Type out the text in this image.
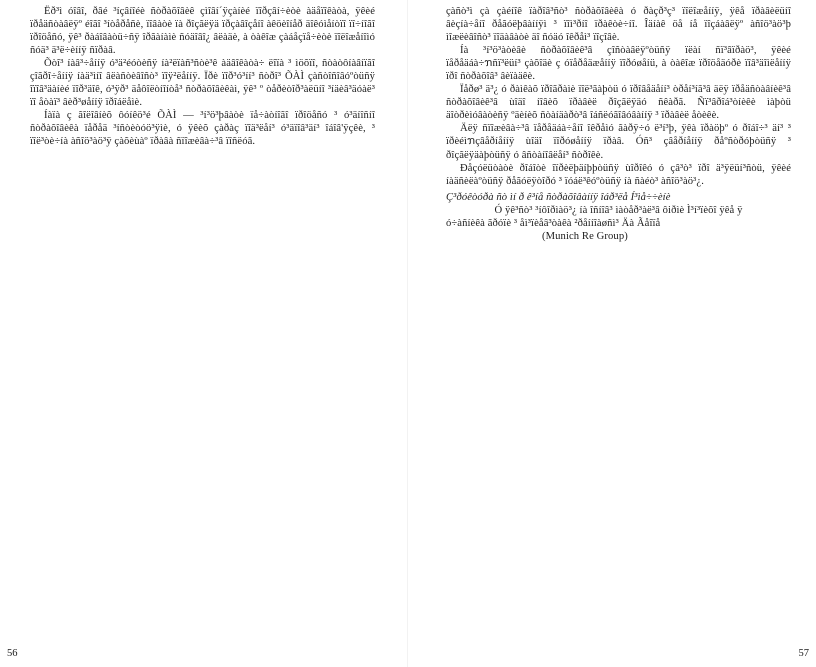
Ëð³ì óîâî, ðâé ³íçâíîéè ñòðàõîâèê çìîâí´ÿçàíèé ïîðçâí÷èòè àäåïîêàòà, ÿêèé ïðåäñòàâëÿº éîãî ³íòåðåñè, ïîâàòè ïà ðîçãëÿä ïðçàâîçåíî àêöèîíåð äîêóìåíòïî ïî÷íîãî ïðîöåñó, ÿê³ ðàáîâàòü÷ñÿ îðãàíàìè ñóäîâî¿ âëàäè, à òàêîæ çàáåçïå÷èòè ïîëîæåíîìó ñóä³ ä³ë÷èííÿ ñïðàâ.

Õòî³ íàâ³÷åííÿ ó³ä²éóòèñÿ íà²ëïàñ³ñòè³ê àäâîêàòà÷ ëîïà ³ ìöõïî, ñòàòôíàâíïãî çîãðî÷åííÿ íàä³ìíî âëàñòèâîñò³ ïîÿ²ëåííÿ. Ïðè ïîð³ó³íí³ ñòðî³ ÕÀÌ çàñòîñîâóºòüñÿ îïîâ³äàíèé ïîð³äîê, ó³ÿð³ äåôîëòíîíòå³ ñòðàõîâèêàì, ÿê³ º òåðèòîð³àëüíî ³íäèâ³äóàë³ ïî åòàï³ âèð³øåííÿ ïðîáëåìè.

Íàïà ç ãîëîâíèõ ôóíêö³é ÕÀÌ — ³í³ö³þâàòè ïå÷àòíîãî ïðîöåñó ³ ó³äíîñíî ñòðàõîâèêà ïåðåä ³íñòèòóö³ÿìè, ó ÿêèõ çàðàç ïîä³ëåí³ ó³äïîâ³äí³ îáîâ'ÿçêè, ³ ïîë³òè÷íà àñîö³àö³ÿ çàõèùàº ïðàâà ñïîæèâà÷³â ïîñëóã.

56

çàñò³ì çà çàéíîê ïàðîâ³ñò³ ñòðàõîâèêà ó ðàçð³ç³ ïîëîæåííÿ, ÿêå ïðàâèëüíî âèçíà÷åíî ðåãóëþâàííÿì ³ ïîì³ðíî ïðàêòè÷íî. Îäíàê öå íå ïîçáàâëÿº àñîö³àö³þ ìîæëèâîñò³ ïîäàâàòè äî ñóäó îêðåì³ ïîçîâè.

Íà ³í³ö³àòèâè ñòðàõîâèê³â çîñòàâëÿºòüñÿ ïëàí ñï³âïðàö³, ÿêèé ïåðåäáà÷ຠñï³ëüí³ çàõîäè ç óïåðåäæåííÿ ïîðóøåíü, à òàêîæ ïðîöåäóðè ïîâ³äîìëåííÿ ïðî ñòðàõîâ³ âèïàäêè.

Ïåðø³ ä³¿ ó ðàìêàõ ïðîãðàìè ïîë³ãàþòü ó ïðîâåäåíí³ òðåí³íã³â äëÿ ïðåäñòàâíèê³â ñòðàõîâèê³â ùîäî íîâèõ ïðàâèë ðîçãëÿäó ñêàðã. Ñï³âðîá³òíèêè ìàþòü äîòðèìóâàòèñÿ ºäèíèõ ñòàíäàðò³â îáñëóãîâóâàííÿ ³ ïðàâèë åòèêè.

Äëÿ ñïîæèâà÷³â ïåðåäáà÷åíî îêðåìó ãàðÿ÷ó ë³í³þ, ÿêà ïðàöþº ó ðîáî÷³ äí³ ³ ïðèéìຠçâåðíåííÿ ùîäî ïîðóøåííÿ ïðàâ. Óñ³ çâåðíåííÿ ðåºñòðóþòüñÿ ³ ðîçãëÿäàþòüñÿ ó âñòàíîâëåí³ ñòðîêè.

Ðåçóëüòàòè ðîáîòè îïðèëþäíþþòüñÿ ùîðîêó ó çâ³ò³ ïðî ä³ÿëüí³ñòü, ÿêèé íàäñèëàºòüñÿ ðåãóëÿòîðó ³ ïóáë³êóºòüñÿ íà ñàéò³ àñîö³àö³¿.

Ç³ðóêòóðà ñò ìí ð ê³íå ñòðàõîâàííÿ îáð³ëå Í³ìå÷÷èíè

Ó ÿê³ñò³ ³íôîðìàö³¿ íà îñíîâ³ ìàòåð³àë³â ôiðìè Ì³í³ïèõî ÿêå ÿ

ó÷àñíèêà ãðóïè ³ åì³ïèåâ³òàêà ²ðåííîàøñì³ Äà Ãåîïå

(Munich Re Group)

57
